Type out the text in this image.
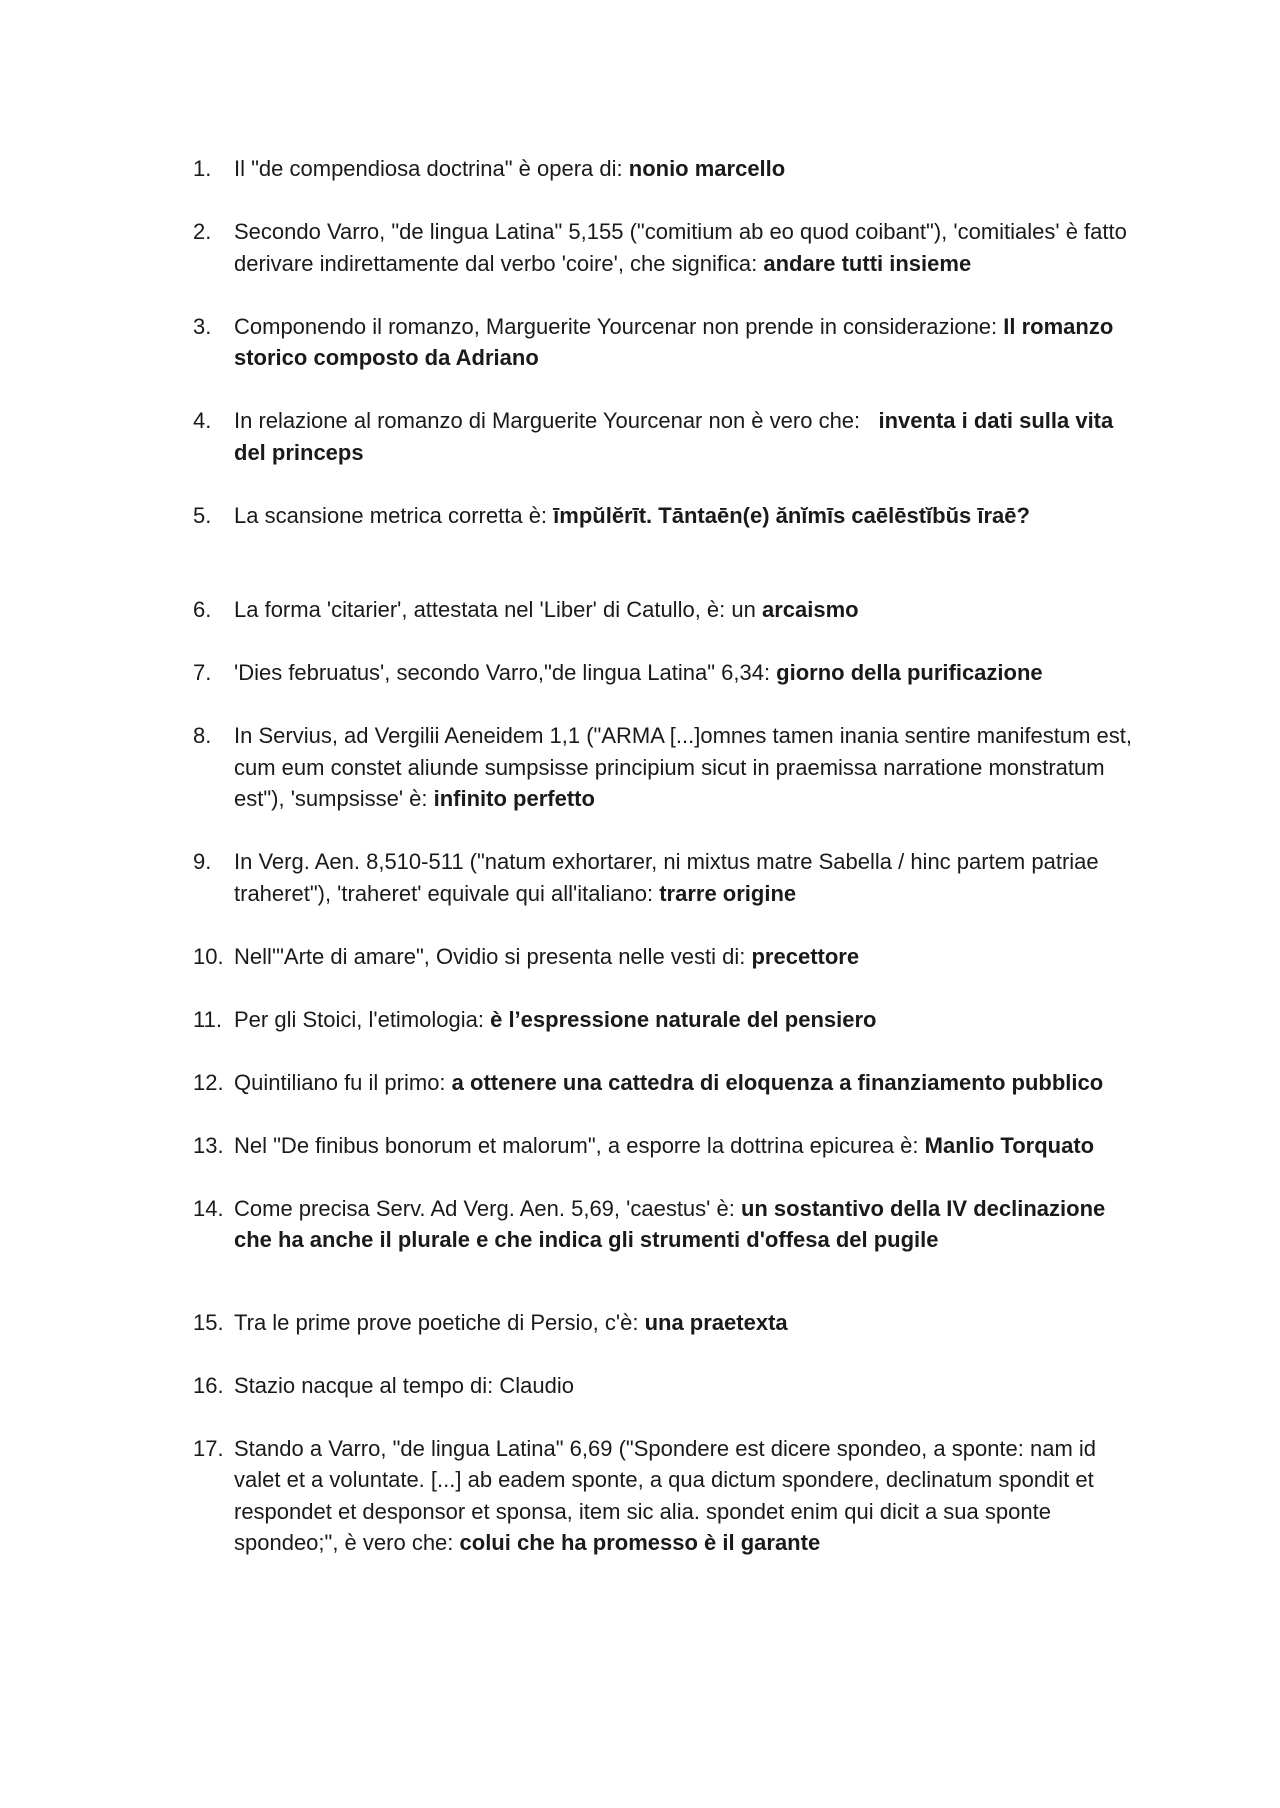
1. Il "de compendiosa doctrina" è opera di: nonio marcello
2. Secondo Varro, "de lingua Latina" 5,155 ("comitium ab eo quod coibant"), 'comitiales' è fatto derivare indirettamente dal verbo 'coire', che significa: andare tutti insieme
3. Componendo il romanzo, Marguerite Yourcenar non prende in considerazione: Il romanzo storico composto da Adriano
4. In relazione al romanzo di Marguerite Yourcenar non è vero che:   inventa i dati sulla vita del princeps
5. La scansione metrica corretta è: īmpŭlĕrīt. Tāntaēn(e) ănĭmīs caēlēstĭbŭs īraē?
6. La forma 'citarier', attestata nel 'Liber' di Catullo, è: un arcaismo
7. 'Dies februatus', secondo Varro,"de lingua Latina" 6,34: giorno della purificazione
8. In Servius, ad Vergilii Aeneidem 1,1 ("ARMA [...]omnes tamen inania sentire manifestum est, cum eum constet aliunde sumpsisse principium sicut in praemissa narratione monstratum est"), 'sumpsisse' è: infinito perfetto
9. In Verg. Aen. 8,510-511 ("natum exhortarer, ni mixtus matre Sabella / hinc partem patriae traheret"), 'traheret' equivale qui all'italiano: trarre origine
10. Nell'"Arte di amare", Ovidio si presenta nelle vesti di: precettore
11. Per gli Stoici, l'etimologia: è l’espressione naturale del pensiero
12. Quintiliano fu il primo: a ottenere una cattedra di eloquenza a finanziamento pubblico
13. Nel "De finibus bonorum et malorum", a esporre la dottrina epicurea è: Manlio Torquato
14. Come precisa Serv. Ad Verg. Aen. 5,69, 'caestus' è: un sostantivo della IV declinazione che ha anche il plurale e che indica gli strumenti d'offesa del pugile
15. Tra le prime prove poetiche di Persio, c'è: una praetexta
16. Stazio nacque al tempo di: Claudio
17. Stando a Varro, "de lingua Latina" 6,69 ("Spondere est dicere spondeo, a sponte: nam id valet et a voluntate. [...] ab eadem sponte, a qua dictum spondere, declinatum spondit et respondet et desponsor et sponsa, item sic alia. spondet enim qui dicit a sua sponte spondeo;", è vero che: colui che ha promesso è il garante
